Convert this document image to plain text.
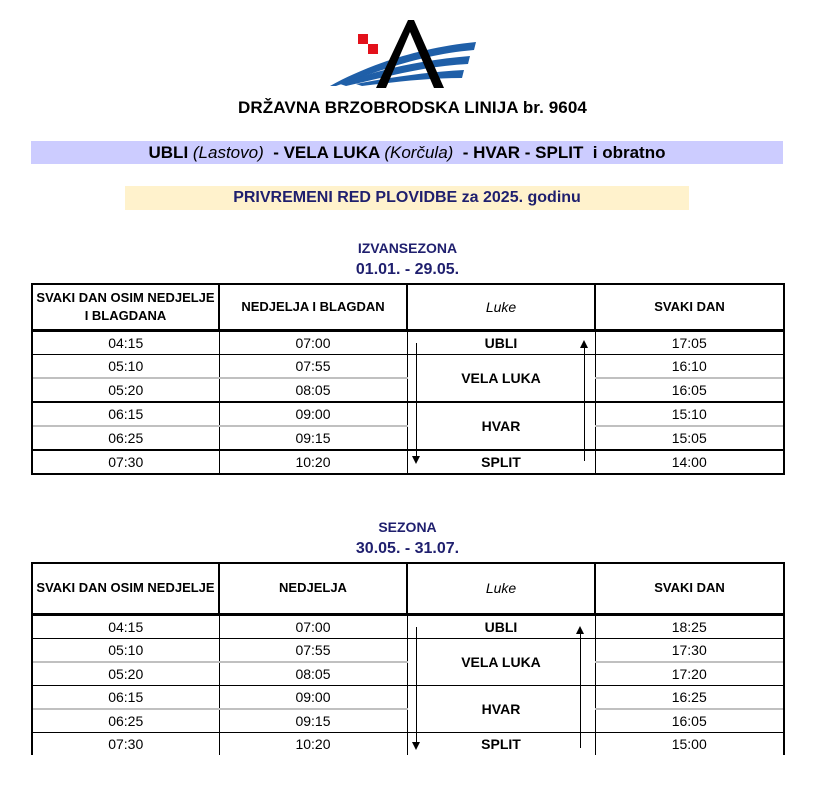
DRŽAVNA BRZOBRODSKA LINIJA br. 9604
UBLI (Lastovo)  - VELA LUKA (Korčula)  - HVAR - SPLIT  i obratno
PRIVREMENI RED PLOVIDBE za 2025. godinu
IZVANSEZONA
01.01. - 29.05.
SVAKI DAN OSIM NEDJELJE I BLAGDANA	NEDJELJA I BLAGDAN	Luke	SVAKI DAN
04:15	07:00	UBLI	17:05
05:10	07:55	VELA LUKA	16:10
05:20	08:05		16:05
06:15	09:00	HVAR	15:10
06:25	09:15		15:05
07:30	10:20	SPLIT	14:00
SEZONA
30.05. - 31.07.
SVAKI DAN OSIM NEDJELJE	NEDJELJA	Luke	SVAKI DAN
04:15	07:00	UBLI	18:25
05:10	07:55	VELA LUKA	17:30
05:20	08:05		17:20
06:15	09:00	HVAR	16:25
06:25	09:15		16:05
07:30	10:20	SPLIT	15:00
